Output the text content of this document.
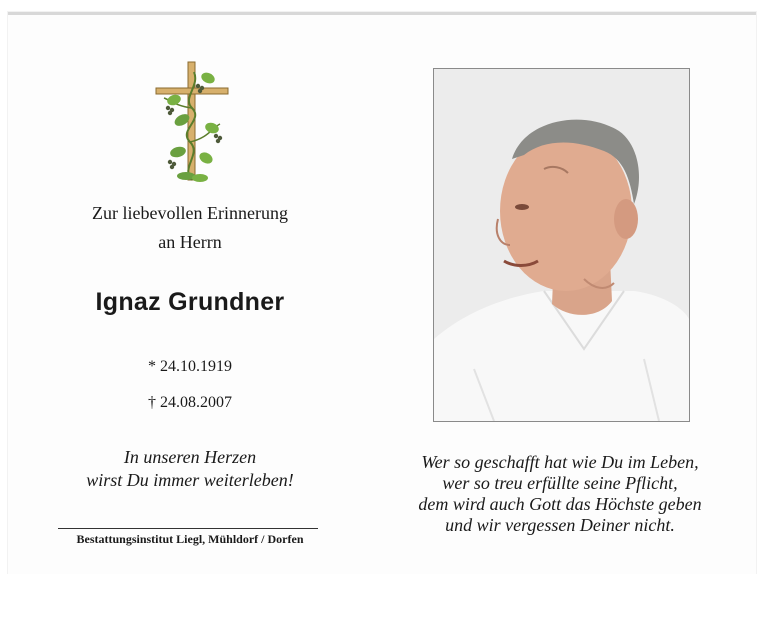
Zur liebevollen Erinnerung
an Herrn
Ignaz Grundner
* 24.10.1919
† 24.08.2007
In unseren Herzen
wirst Du immer weiterleben!
Bestattungsinstitut Liegl, Mühldorf / Dorfen
Wer so geschafft hat wie Du im Leben,
wer so treu erfüllte seine Pflicht,
dem wird auch Gott das Höchste geben
und wir vergessen Deiner nicht.
